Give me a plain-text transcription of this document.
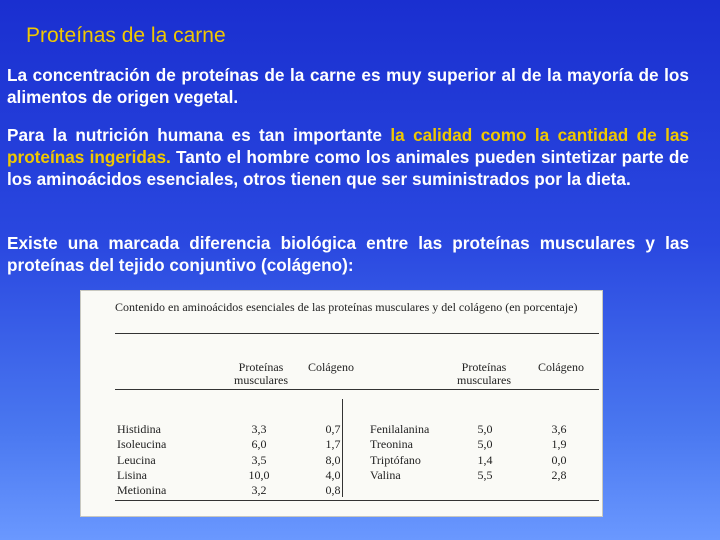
Proteínas de la carne

La concentración de proteínas de la carne es muy superior al de la mayoría de los alimentos de origen vegetal.

Para la nutrición humana es tan importante la calidad como la cantidad de las proteínas ingeridas. Tanto el hombre como los animales pueden sintetizar parte de los aminoácidos esenciales, otros tienen que ser suministrados por la dieta.

Existe una marcada diferencia biológica entre las proteínas musculares y las proteínas del tejido conjuntivo (colágeno):

Contenido en aminoácidos esenciales de las proteínas musculares y del colágeno (en porcentaje)
Proteínas musculares
Colágeno	Proteínas musculares
Colágeno
Histidina
Isoleucina
Leucina
Lisina
Metionina
3,3
6,0
3,5
10,0
3,2
0,7
1,7
8,0
4,0
0,8
Fenilalanina
Treonina
Triptófano
Valina
5,0
5,0
1,4
5,5
3,6
1,9
0,0
2,8
